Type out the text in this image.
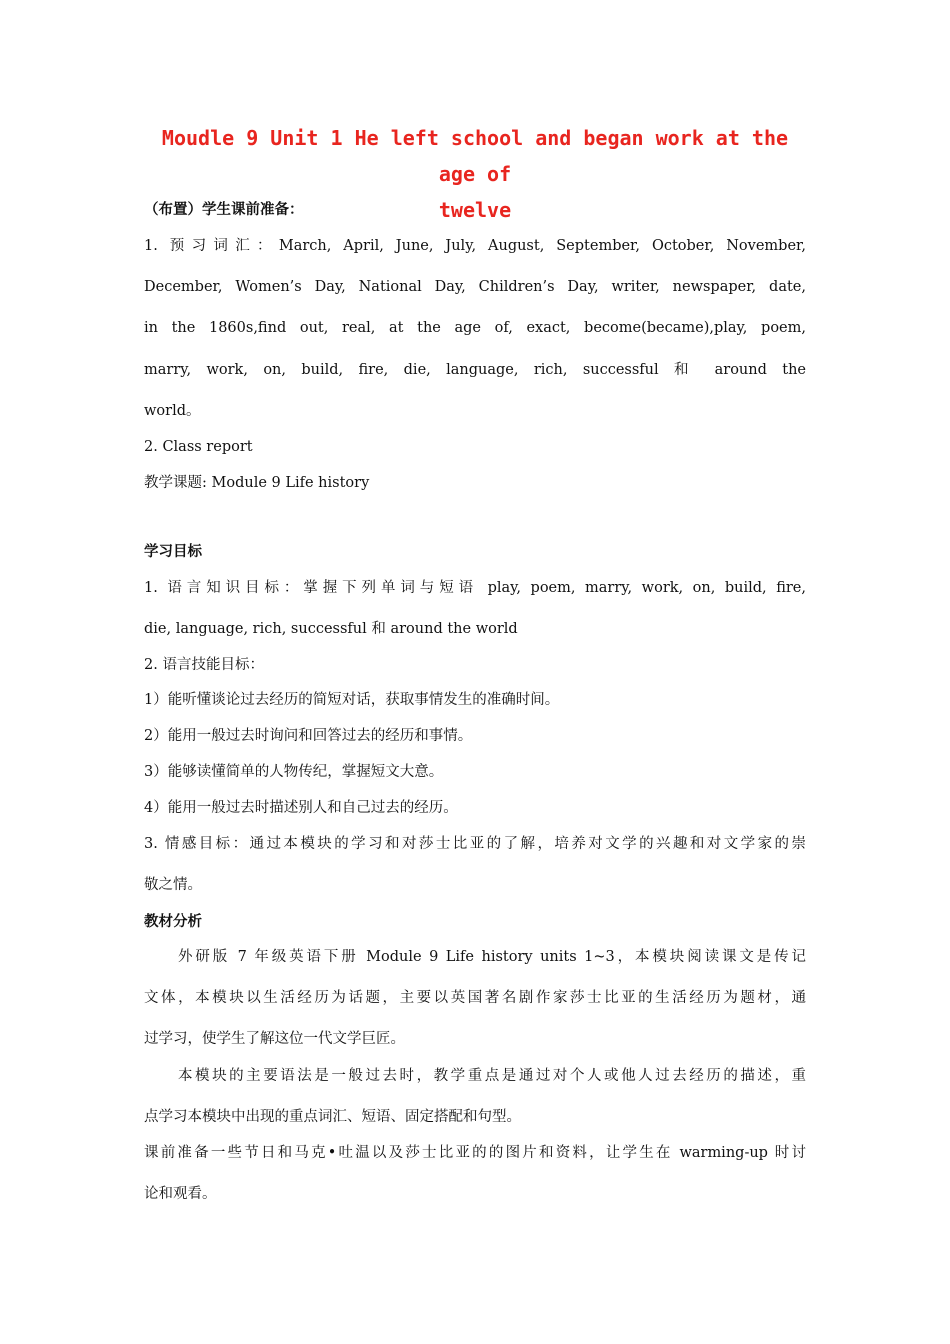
Moudle 9 Unit 1 He left school and began work at the age of
twelve

（布置）学生课前准备：

1. 预习词汇：March, April, June, July, August, September, October, November,

December, Women’s Day, National Day, Children’s Day, writer, newspaper, date,

in the 1860s,find out, real, at the age of, exact, become(became),play, poem,

marry, work, on, build, fire, die, language, rich, successful 和 around the

world。

2. Class report

教学课题: Module 9 Life history

学习目标

1. 语言知识目标：掌握下列单词与短语 play, poem, marry, work, on, build, fire,

die, language, rich, successful 和 around the world

2. 语言技能目标：

1）能听懂谈论过去经历的简短对话，获取事情发生的准确时间。

2）能用一般过去时询问和回答过去的经历和事情。

3）能够读懂简单的人物传纪，掌握短文大意。

4）能用一般过去时描述别人和自己过去的经历。

3. 情感目标：通过本模块的学习和对莎士比亚的了解，培养对文学的兴趣和对文学家的崇

敬之情。

教材分析

外研版 7 年级英语下册 Module 9 Life history units 1~3，本模块阅读课文是传记

文体，本模块以生活经历为话题，主要以英国著名剧作家莎士比亚的生活经历为题材，通

过学习，使学生了解这位一代文学巨匠。

本模块的主要语法是一般过去时，教学重点是通过对个人或他人过去经历的描述，重

点学习本模块中出现的重点词汇、短语、固定搭配和句型。

课前准备一些节日和马克•吐温以及莎士比亚的的图片和资料，让学生在 warming-up 时讨

论和观看。
